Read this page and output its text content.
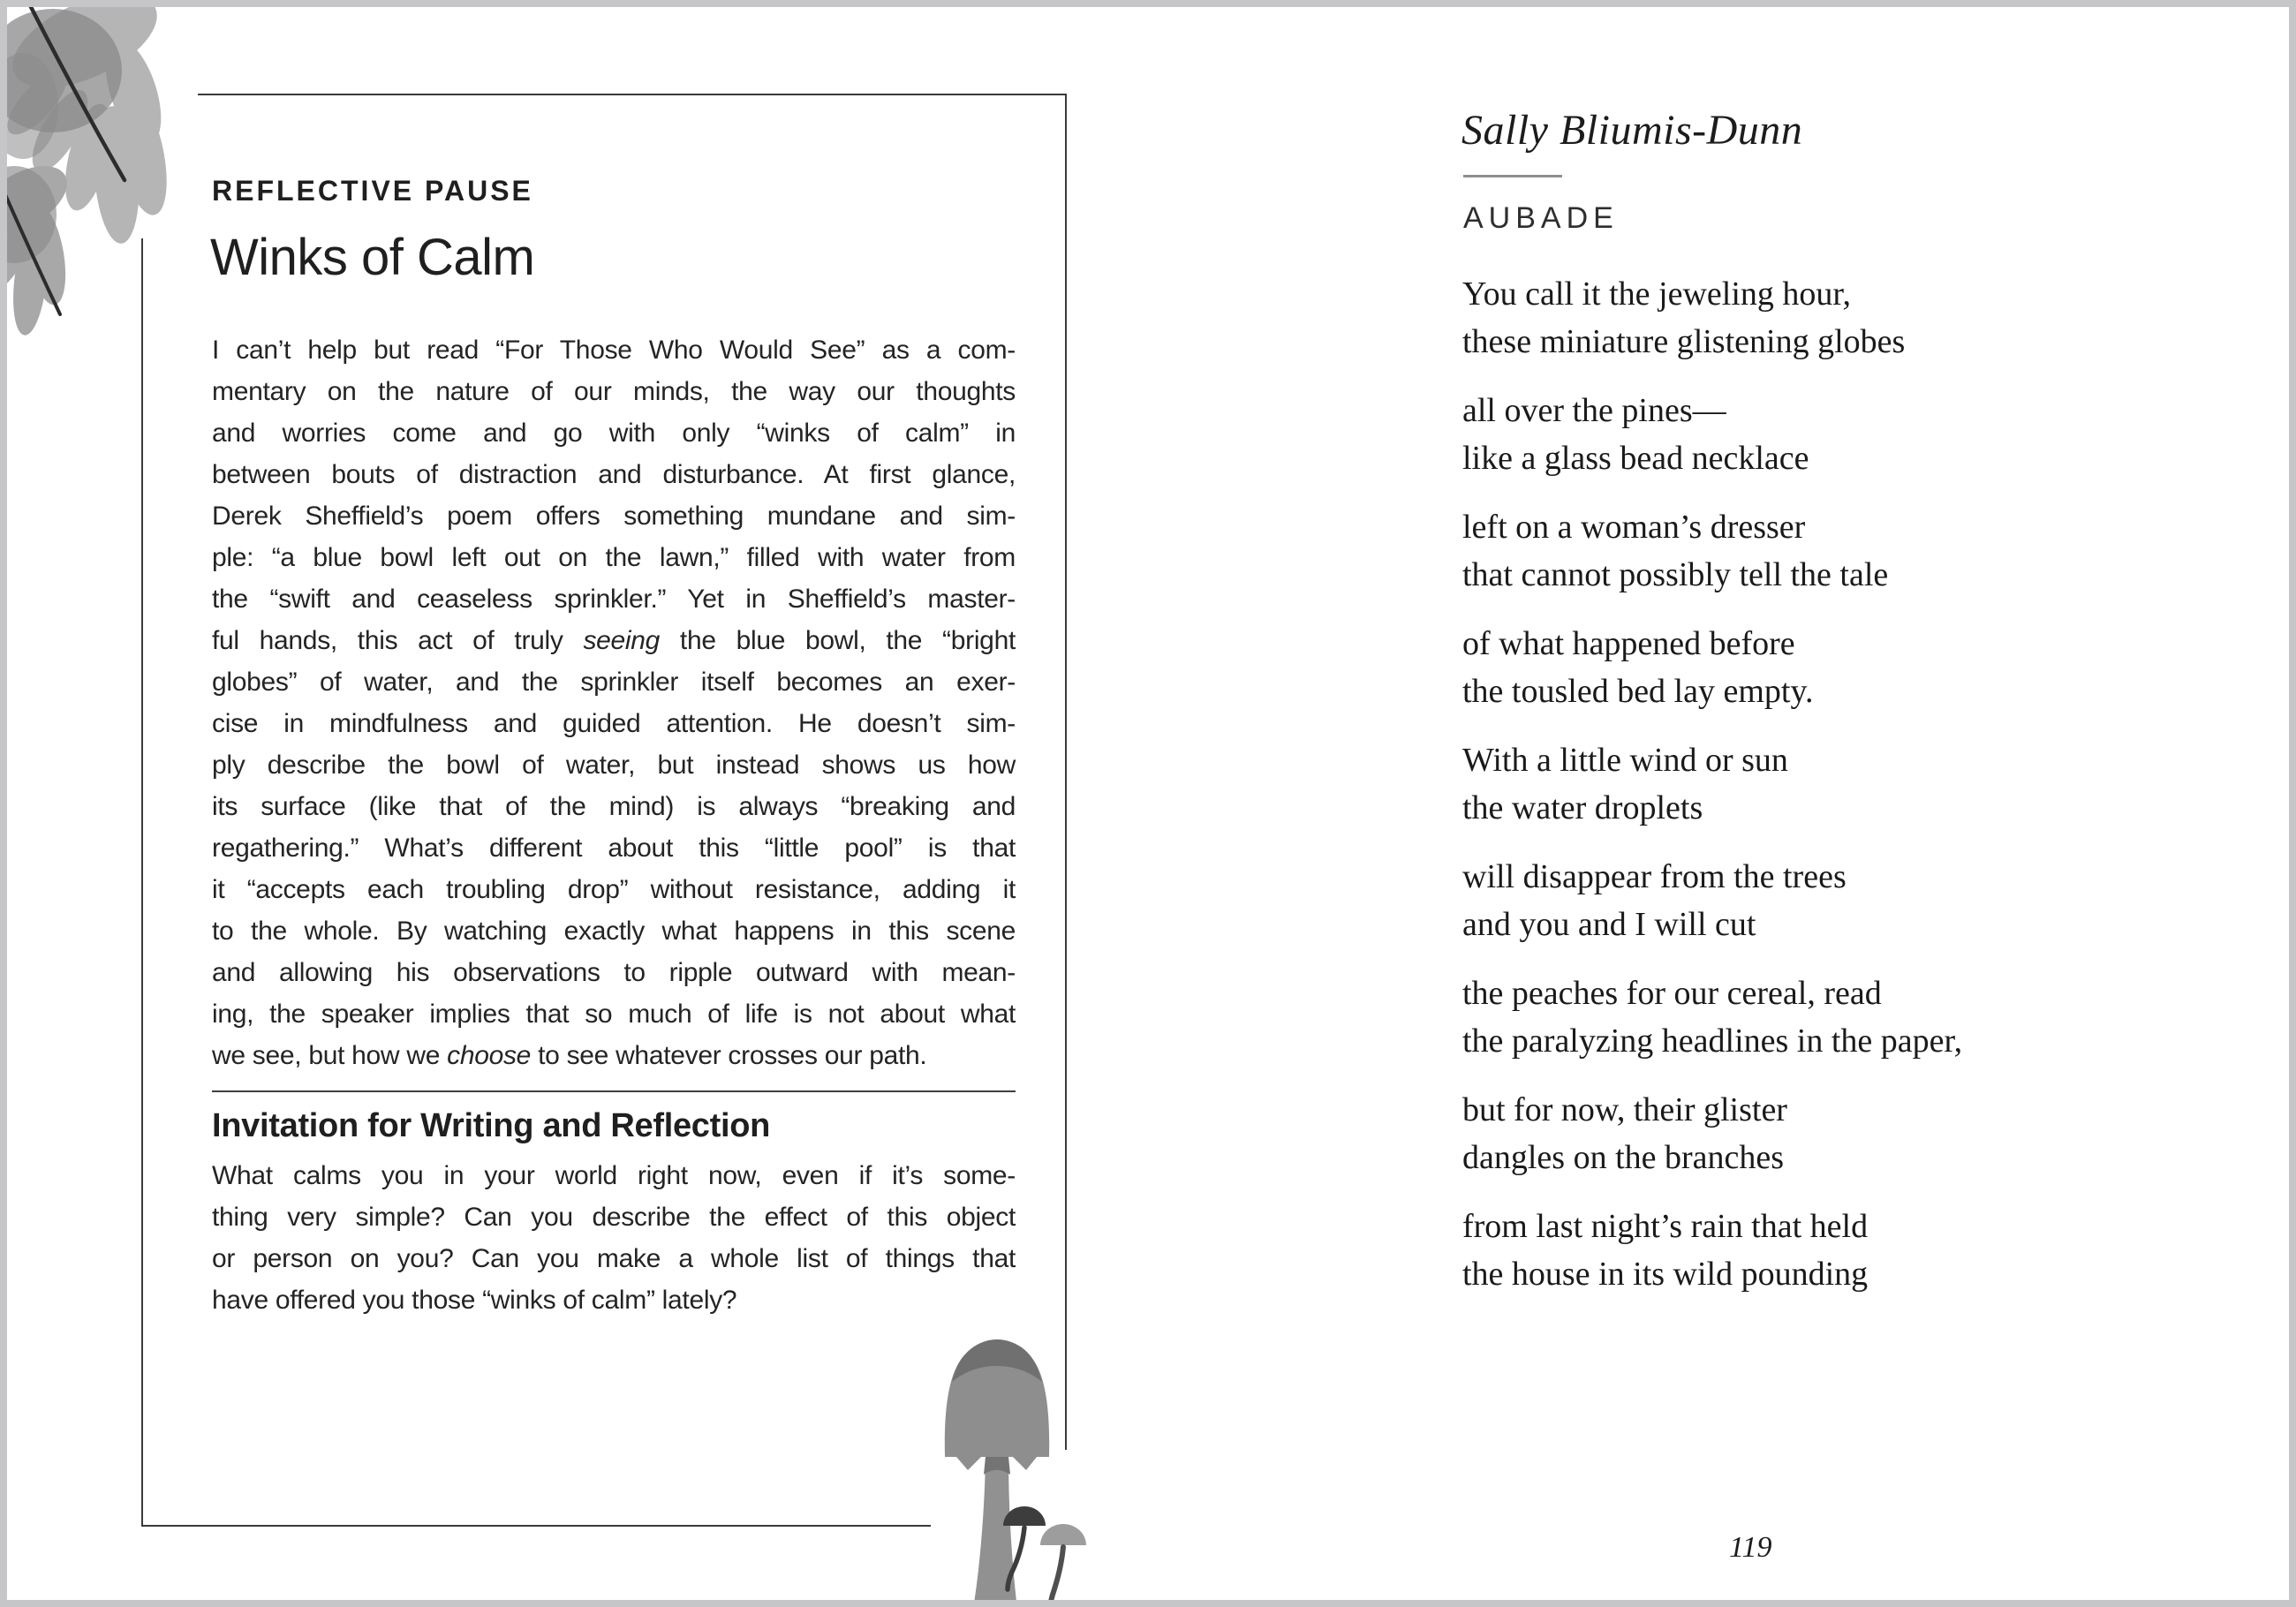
REFLECTIVE PAUSE
Winks of Calm
I can’t help but read “For Those Who Would See” as a com-
mentary on the nature of our minds, the way our thoughts
and worries come and go with only “winks of calm” in
between bouts of distraction and disturbance. At first glance,
Derek Sheffield’s poem offers something mundane and sim-
ple: “a blue bowl left out on the lawn,” filled with water from
the “swift and ceaseless sprinkler.” Yet in Sheffield’s master-
ful hands, this act of truly seeing the blue bowl, the “bright
globes” of water, and the sprinkler itself becomes an exer-
cise in mindfulness and guided attention. He doesn’t sim-
ply describe the bowl of water, but instead shows us how
its surface (like that of the mind) is always “breaking and
regathering.” What’s different about this “little pool” is that
it “accepts each troubling drop” without resistance, adding it
to the whole. By watching exactly what happens in this scene
and allowing his observations to ripple outward with mean-
ing, the speaker implies that so much of life is not about what
we see, but how we choose to see whatever crosses our path.
Invitation for Writing and Reflection
What calms you in your world right now, even if it’s some-
thing very simple? Can you describe the effect of this object
or person on you? Can you make a whole list of things that
have offered you those “winks of calm” lately?
Sally Bliumis-Dunn
AUBADE
You call it the jeweling hour,
these miniature glistening globes
all over the pines—
like a glass bead necklace
left on a woman’s dresser
that cannot possibly tell the tale
of what happened before
the tousled bed lay empty.
With a little wind or sun
the water droplets
will disappear from the trees
and you and I will cut
the peaches for our cereal, read
the paralyzing headlines in the paper,
but for now, their glister
dangles on the branches
from last night’s rain that held
the house in its wild pounding
119
